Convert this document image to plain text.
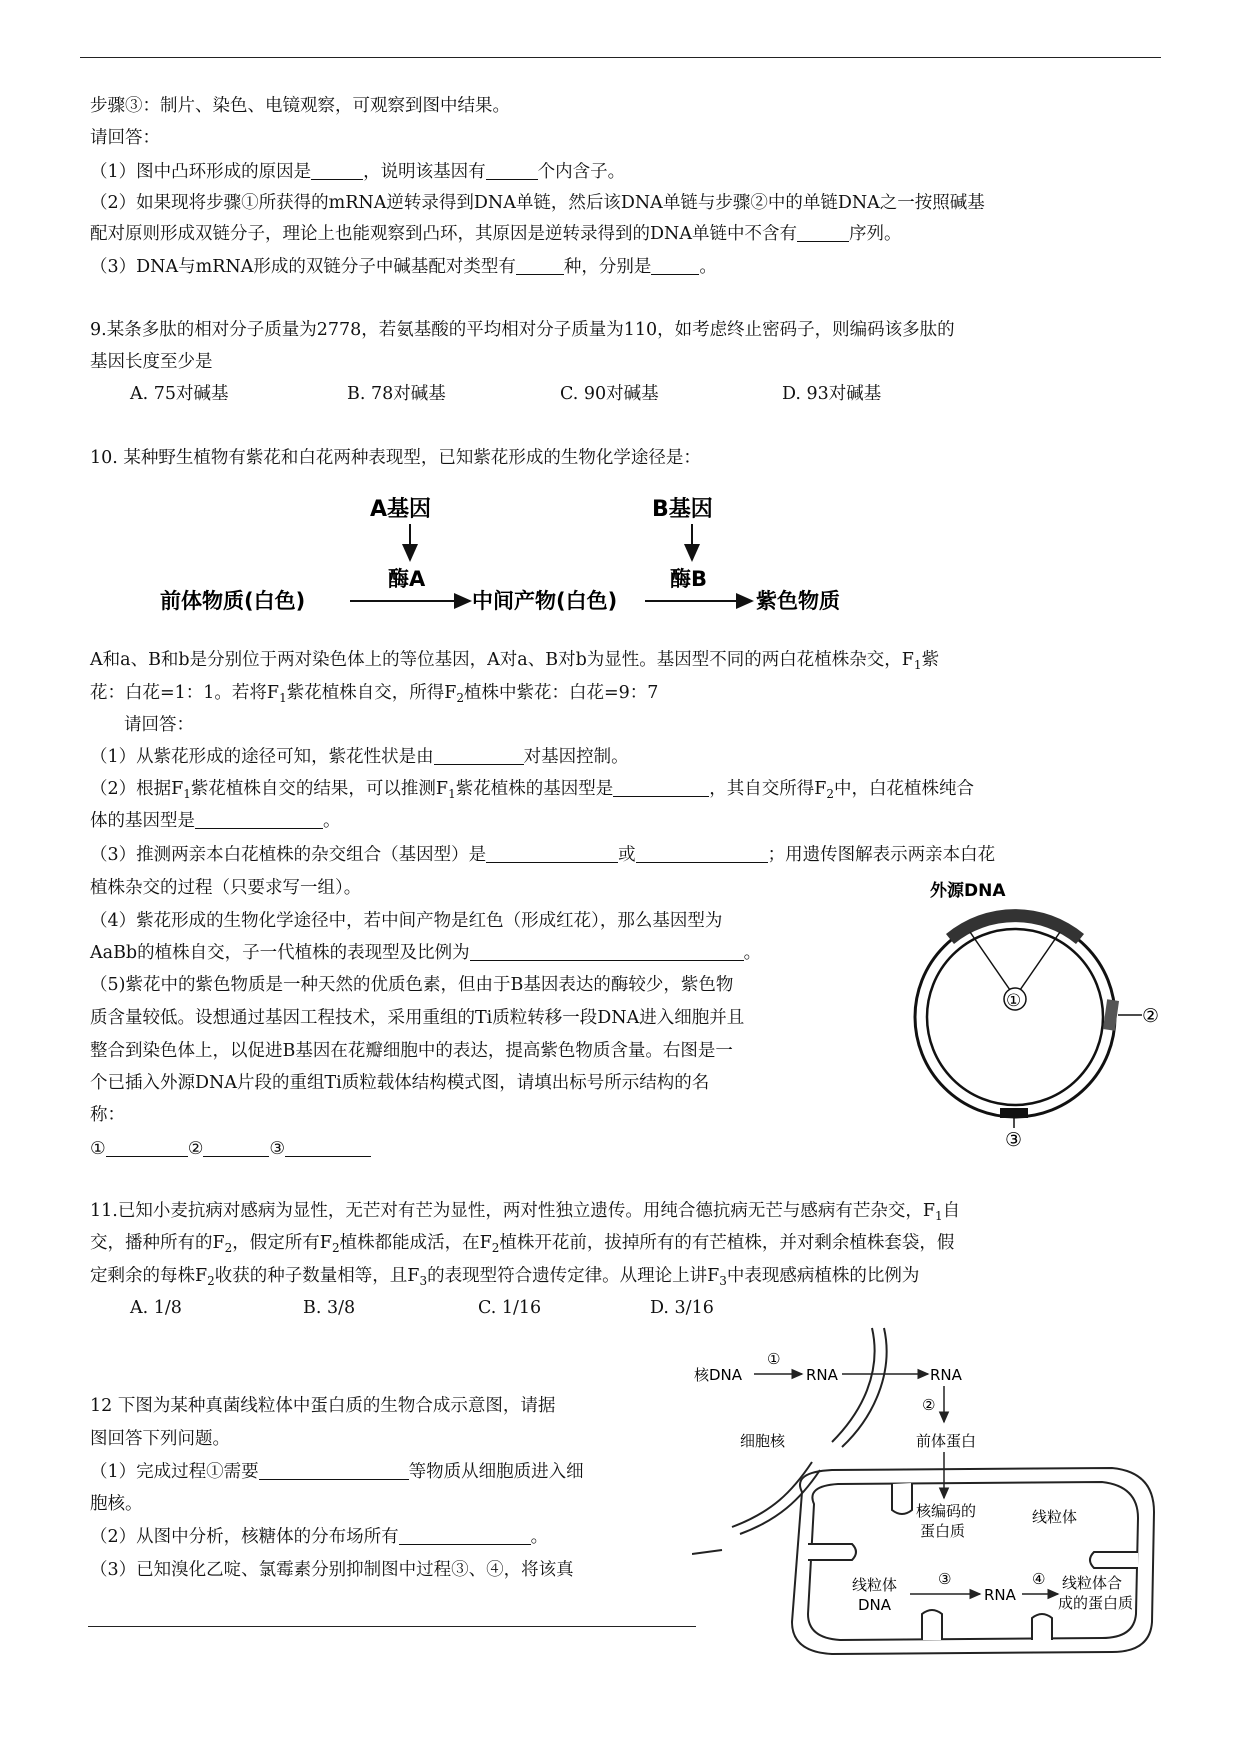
步骤③：制片、染色、电镜观察，可观察到图中结果。
请回答：
（1）图中凸环形成的原因是	，说明该基因有	个内含子。
（2）如果现将步骤①所获得的mRNA逆转录得到DNA单链，然后该DNA单链与步骤②中的单链DNA之一按照碱基
配对原则形成双链分子，理论上也能观察到凸环，其原因是逆转录得到的DNA单链中不含有	序列。
（3）DNA与mRNA形成的双链分子中碱基配对类型有	种，分别是	。
9.某条多肽的相对分子质量为2778，若氨基酸的平均相对分子质量为110，如考虑终止密码子，则编码该多肽的
基因长度至少是
A. 75对碱基	B. 78对碱基	C. 90对碱基	D. 93对碱基
10. 某种野生植物有紫花和白花两种表现型，已知紫花形成的生物化学途径是：
A基因
酶A
B基因
酶B
前体物质(白色)	中间产物(白色)	紫色物质
A和a、B和b是分别位于两对染色体上的等位基因，A对a、B对b为显性。基因型不同的两白花植株杂交，$F_1$紫
花：白花=1：1。若将$F_1$紫花植株自交，所得$F_2$植株中紫花：白花=9：7
请回答：
（1）从紫花形成的途径可知，紫花性状是由	对基因控制。
（2）根据$F_1$紫花植株自交的结果，可以推测$F_1$紫花植株的基因型是	，其自交所得$F_2$中，白花植株纯合
体的基因型是	。
（3）推测两亲本白花植株的杂交组合（基因型）是	或	；用遗传图解表示两亲本白花
植株杂交的过程（只要求写一组）。
（4）紫花形成的生物化学途径中，若中间产物是红色（形成红花），那么基因型为
AaBb的植株自交，子一代植株的表现型及比例为	。
（5)紫花中的紫色物质是一种天然的优质色素，但由于B基因表达的酶较少，紫色物
质含量较低。设想通过基因工程技术，采用重组的Ti质粒转移一段DNA进入细胞并且
整合到染色体上，以促进B基因在花瓣细胞中的表达，提高紫色物质含量。右图是一
个已插入外源DNA片段的重组Ti质粒载体结构模式图，请填出标号所示结构的名
称：
①	②	③
外源DNA
①
②
③
11.已知小麦抗病对感病为显性，无芒对有芒为显性，两对性独立遗传。用纯合德抗病无芒与感病有芒杂交，$F_1$自
交，播种所有的$F_2$，假定所有$F_2$植株都能成活，在$F_2$植株开花前，拔掉所有的有芒植株，并对剩余植株套袋，假
定剩余的每株$F_2$收获的种子数量相等，且$F_3$的表现型符合遗传定律。从理论上讲$F_3$中表现感病植株的比例为
A. 1/8	B. 3/8	C. 1/16	D. 3/16
12 下图为某种真菌线粒体中蛋白质的生物合成示意图，请据
图回答下列问题。
（1）完成过程①需要	等物质从细胞质进入细
胞核。
（2）从图中分析，核糖体的分布场所有	。
（3）已知溴化乙啶、氯霉素分别抑制图中过程③、④，将该真
核DNA
①
RNA	RNA
②
细胞核	前体蛋白
核编码的
蛋白质
线粒体
线粒体
DNA
③
RNA
④ 线粒体合
成的蛋白质
